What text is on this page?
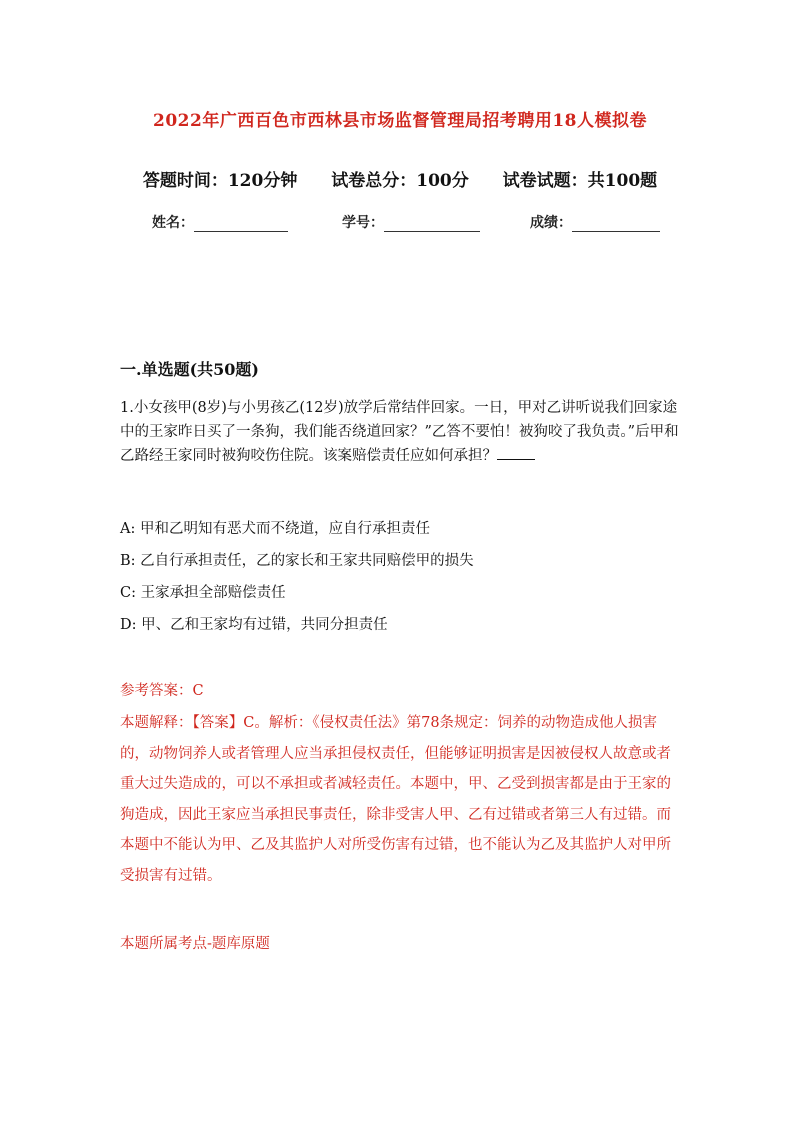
2022年广西百色市西林县市场监督管理局招考聘用18人模拟卷
答题时间：120分钟 试卷总分：100分 试卷试题：共100题
姓名：	学号：	成绩：
一.单选题(共50题)
1.小女孩甲(8岁)与小男孩乙(12岁)放学后常结伴回家。一日，甲对乙讲听说我们回家途中的王家昨日买了一条狗，我们能否绕道回家？”乙答不要怕！被狗咬了我负责。”后甲和乙路经王家同时被狗咬伤住院。该案赔偿责任应如何承担？
A: 甲和乙明知有恶犬而不绕道，应自行承担责任
B: 乙自行承担责任，乙的家长和王家共同赔偿甲的损失
C: 王家承担全部赔偿责任
D: 甲、乙和王家均有过错，共同分担责任
参考答案：C
本题解释：【答案】C。解析：《侵权责任法》第78条规定：饲养的动物造成他人损害的，动物饲养人或者管理人应当承担侵权责任，但能够证明损害是因被侵权人故意或者重大过失造成的，可以不承担或者减轻责任。本题中，甲、乙受到损害都是由于王家的狗造成，因此王家应当承担民事责任，除非受害人甲、乙有过错或者第三人有过错。而本题中不能认为甲、乙及其监护人对所受伤害有过错，也不能认为乙及其监护人对甲所受损害有过错。
本题所属考点-题库原题
